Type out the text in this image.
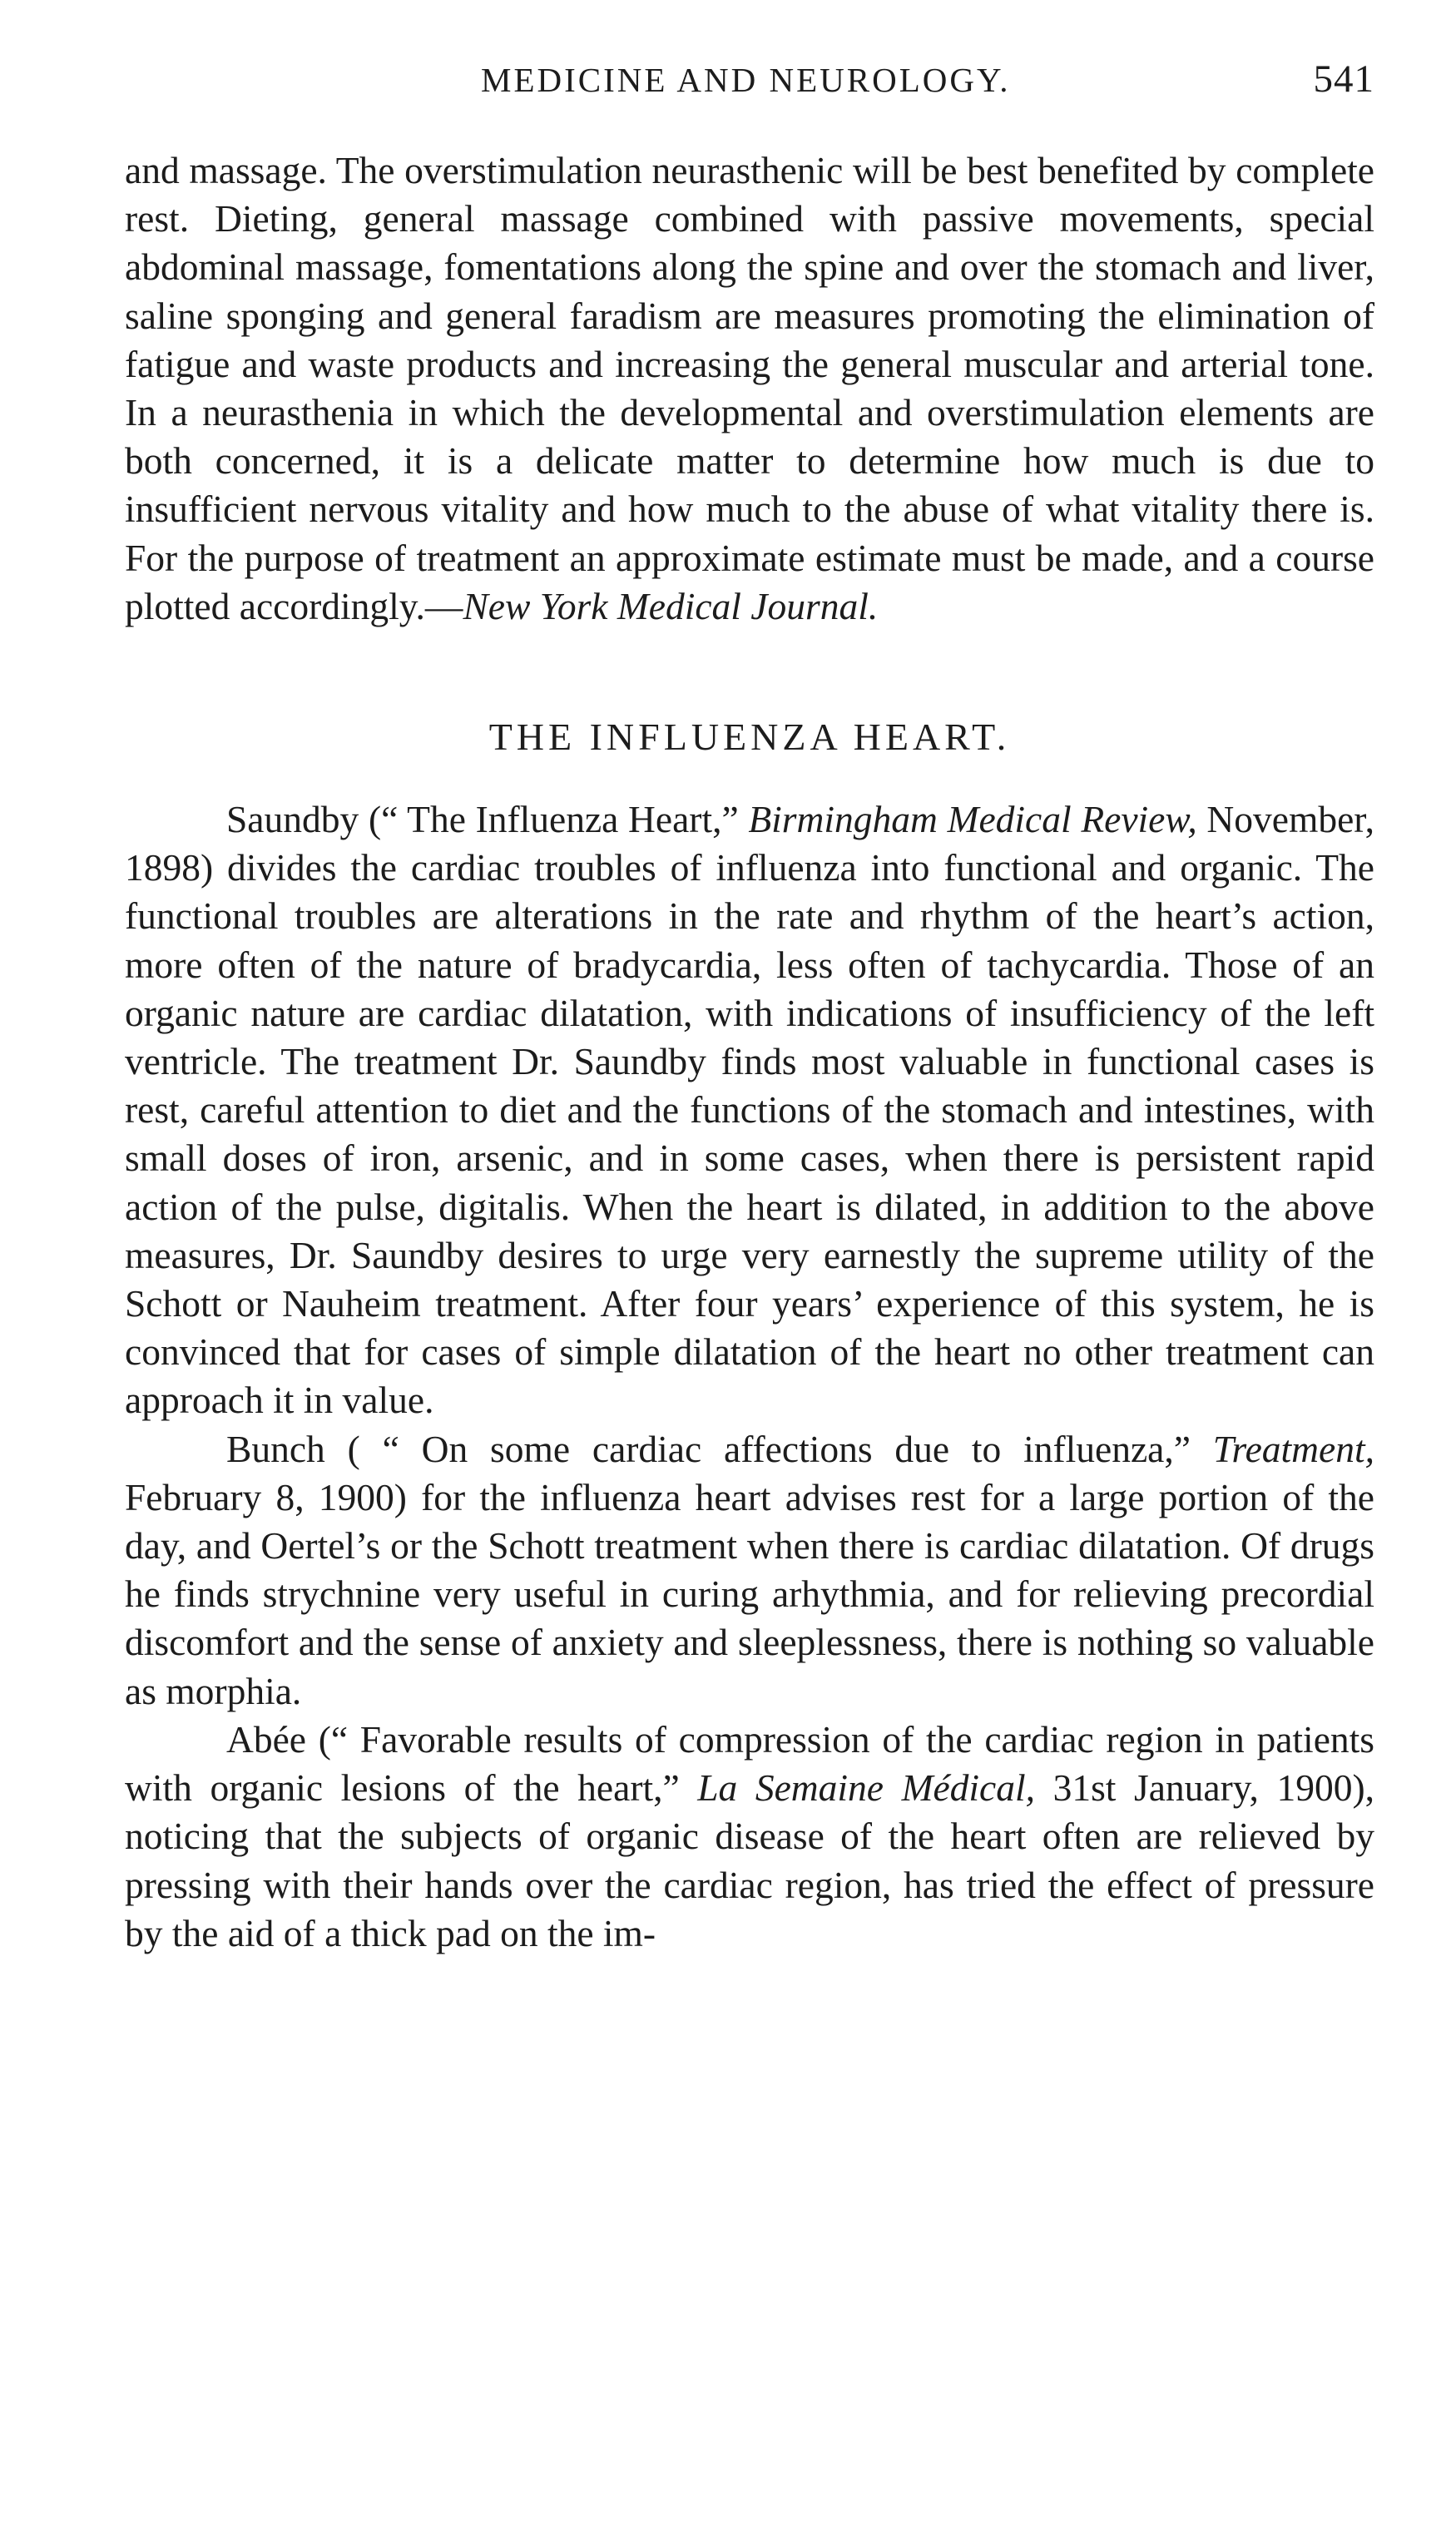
MEDICINE AND NEUROLOGY.	541

and massage. The overstimulation neurasthenic will be best benefited by complete rest. Dieting, general massage combined with passive movements, special abdominal massage, fomentations along the spine and over the stomach and liver, saline sponging and general faradism are measures promoting the elimination of fatigue and waste products and increasing the general muscular and arterial tone. In a neurasthenia in which the developmental and overstimulation elements are both concerned, it is a delicate matter to determine how much is due to insufficient nervous vitality and how much to the abuse of what vitality there is. For the purpose of treatment an approximate estimate must be made, and a course plotted accordingly.—New York Medical Journal.

THE INFLUENZA HEART.

Saundby (“ The Influenza Heart,” Birmingham Medical Review, November, 1898) divides the cardiac troubles of influenza into functional and organic. The functional troubles are alterations in the rate and rhythm of the heart’s action, more often of the nature of bradycardia, less often of tachycardia. Those of an organic nature are cardiac dilatation, with indications of insufficiency of the left ventricle. The treatment Dr. Saundby finds most valuable in functional cases is rest, careful attention to diet and the functions of the stomach and intestines, with small doses of iron, arsenic, and in some cases, when there is persistent rapid action of the pulse, digitalis. When the heart is dilated, in addition to the above measures, Dr. Saundby desires to urge very earnestly the supreme utility of the Schott or Nauheim treatment. After four years’ experience of this system, he is convinced that for cases of simple dilatation of the heart no other treatment can approach it in value.

Bunch ( “ On some cardiac affections due to influenza,” Treatment, February 8, 1900) for the influenza heart advises rest for a large portion of the day, and Oertel’s or the Schott treatment when there is cardiac dilatation. Of drugs he finds strychnine very useful in curing arhythmia, and for relieving precordial discomfort and the sense of anxiety and sleeplessness, there is nothing so valuable as morphia.

Abée (“ Favorable results of compression of the cardiac region in patients with organic lesions of the heart,” La Semaine Médical, 31st January, 1900), noticing that the subjects of organic disease of the heart often are relieved by pressing with their hands over the cardiac region, has tried the effect of pressure by the aid of a thick pad on the im-
